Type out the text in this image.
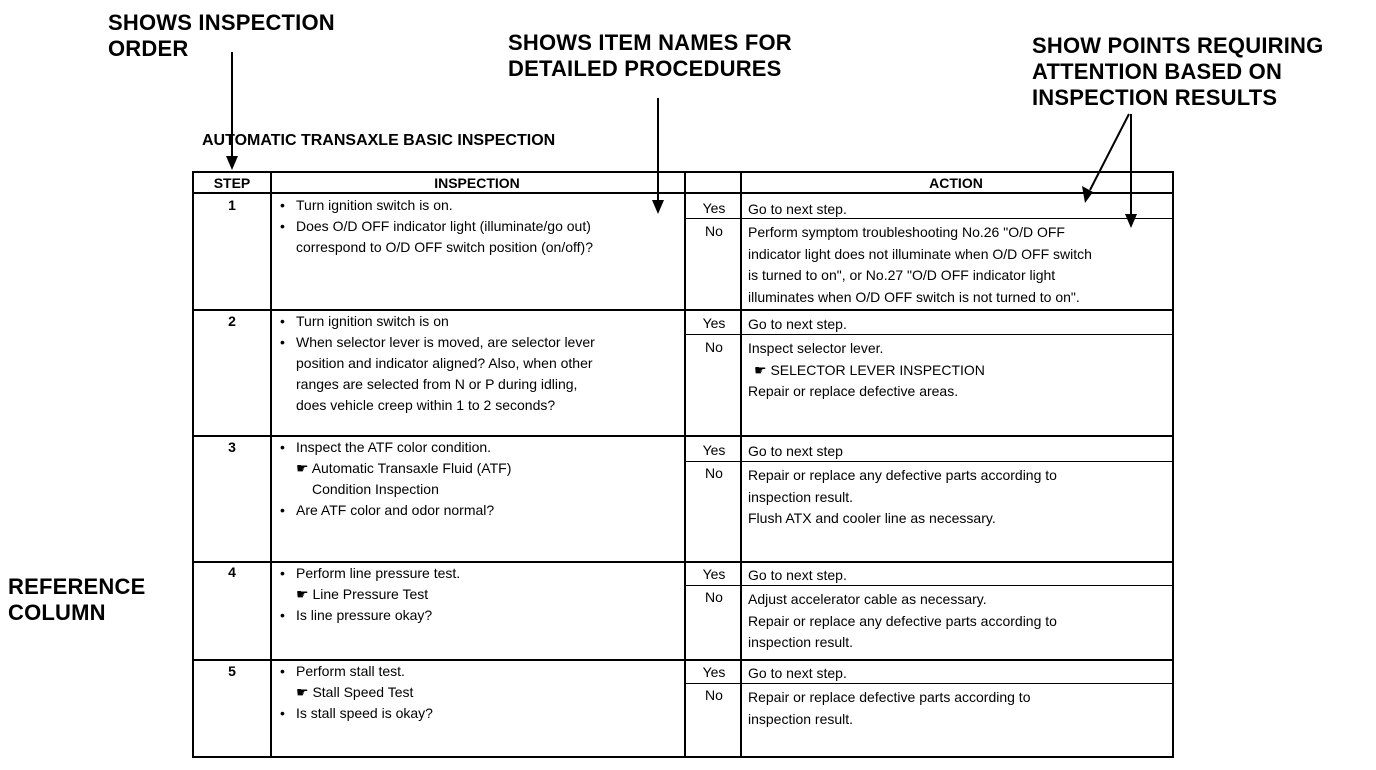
SHOWS INSPECTION
ORDER	SHOWS ITEM NAMES FOR
DETAILED PROCEDURES
SHOW POINTS REQUIRING
ATTENTION BASED ON
INSPECTION RESULTS
REFERENCE
COLUMN
AUTOMATIC TRANSAXLE BASIC INSPECTION
STEP	INSPECTION	ACTION
1	• Turn ignition switch is on.
• Does O/D OFF indicator light (illuminate/go out)
correspond to O/D OFF switch position (on/off)?
Yes	Go to next step.
No	Perform symptom troubleshooting No.26 "O/D OFF
indicator light does not illuminate when O/D OFF switch
is turned to on", or No.27 "O/D OFF indicator light
illuminates when O/D OFF switch is not turned to on".
2	• Turn ignition switch is on
• When selector lever is moved, are selector lever
position and indicator aligned? Also, when other
ranges are selected from N or P during idling,
does vehicle creep within 1 to 2 seconds?
Yes	Go to next step.
No	Inspect selector lever.
☛ SELECTOR LEVER INSPECTION
Repair or replace defective areas.
3	• Inspect the ATF color condition.
☛ Automatic Transaxle Fluid (ATF)
Condition Inspection
• Are ATF color and odor normal?
Yes	Go to next step
No	Repair or replace any defective parts according to
inspection result.
Flush ATX and cooler line as necessary.
4	• Perform line pressure test.
☛ Line Pressure Test
• Is line pressure okay?
Yes	Go to next step.
No	Adjust accelerator cable as necessary.
Repair or replace any defective parts according to
inspection result.
5	• Perform stall test.
☛ Stall Speed Test
• Is stall speed is okay?
Yes	Go to next step.
No	Repair or replace defective parts according to
inspection result.
